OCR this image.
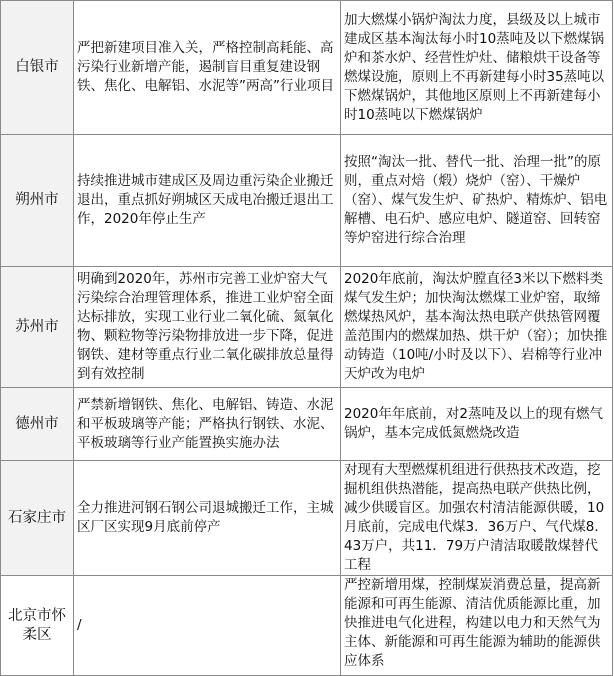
白银市	严把新建项目准入关，严格控制高耗能、高污染行业新增产能，遏制盲目重复建设钢铁、焦化、电解铝、水泥等”两高”行业项目	加大燃煤小锅炉淘汰力度，县级及以上城市建成区基本淘汰每小时10蒸吨及以下燃煤锅炉和茶水炉、经营性炉灶、储粮烘干设备等燃煤设施，原则上不再新建每小时35蒸吨以下燃煤锅炉，其他地区原则上不再新建每小时10蒸吨以下燃煤锅炉
朔州市	持续推进城市建成区及周边重污染企业搬迁退出，重点抓好朔城区天成电冶搬迁退出工作，2020年停止生产	按照“淘汰一批、替代一批、治理一批”的原则，重点对焙（煅）烧炉（窑）、干燥炉（窑）、煤气发生炉、矿热炉、精炼炉、铝电解槽、电石炉、感应电炉、隧道窑、回转窑等炉窑进行综合治理
苏州市	明确到2020年，苏州市完善工业炉窑大气污染综合治理管理体系，推进工业炉窑全面达标排放，实现工业行业二氧化硫、氮氧化物、颗粒物等污染物排放进一步下降，促进钢铁、建材等重点行业二氧化碳排放总量得到有效控制	2020年底前，淘汰炉膛直径3米以下燃料类煤气发生炉；加快淘汰燃煤工业炉窑，取缔燃煤热风炉，基本淘汰热电联产供热管网覆盖范围内的燃煤加热、烘干炉（窑）；加快推动铸造（10吨/小时及以下）、岩棉等行业冲天炉改为电炉
德州市	严禁新增钢铁、焦化、电解铝、铸造、水泥和平板玻璃等产能；严格执行钢铁、水泥、平板玻璃等行业产能置换实施办法	2020年年底前，对2蒸吨及以上的现有燃气锅炉，基本完成低氮燃烧改造
石家庄市	全力推进河钢石钢公司退城搬迁工作，主城区厂区实现9月底前停产	对现有大型燃煤机组进行供热技术改造，挖掘机组供热潜能，提高热电联产供热比例，减少供暖盲区。加强农村清洁能源供暖，10月底前，完成电代煤3．36万户、气代煤8．43万户，共11．79万户清洁取暖散煤替代工程
北京市怀柔区	/	严控新增用煤，控制煤炭消费总量，提高新能源和可再生能源、清洁优质能源比重，加快推进电气化进程，构建以电力和天然气为主体、新能源和可再生能源为辅助的能源供应体系
